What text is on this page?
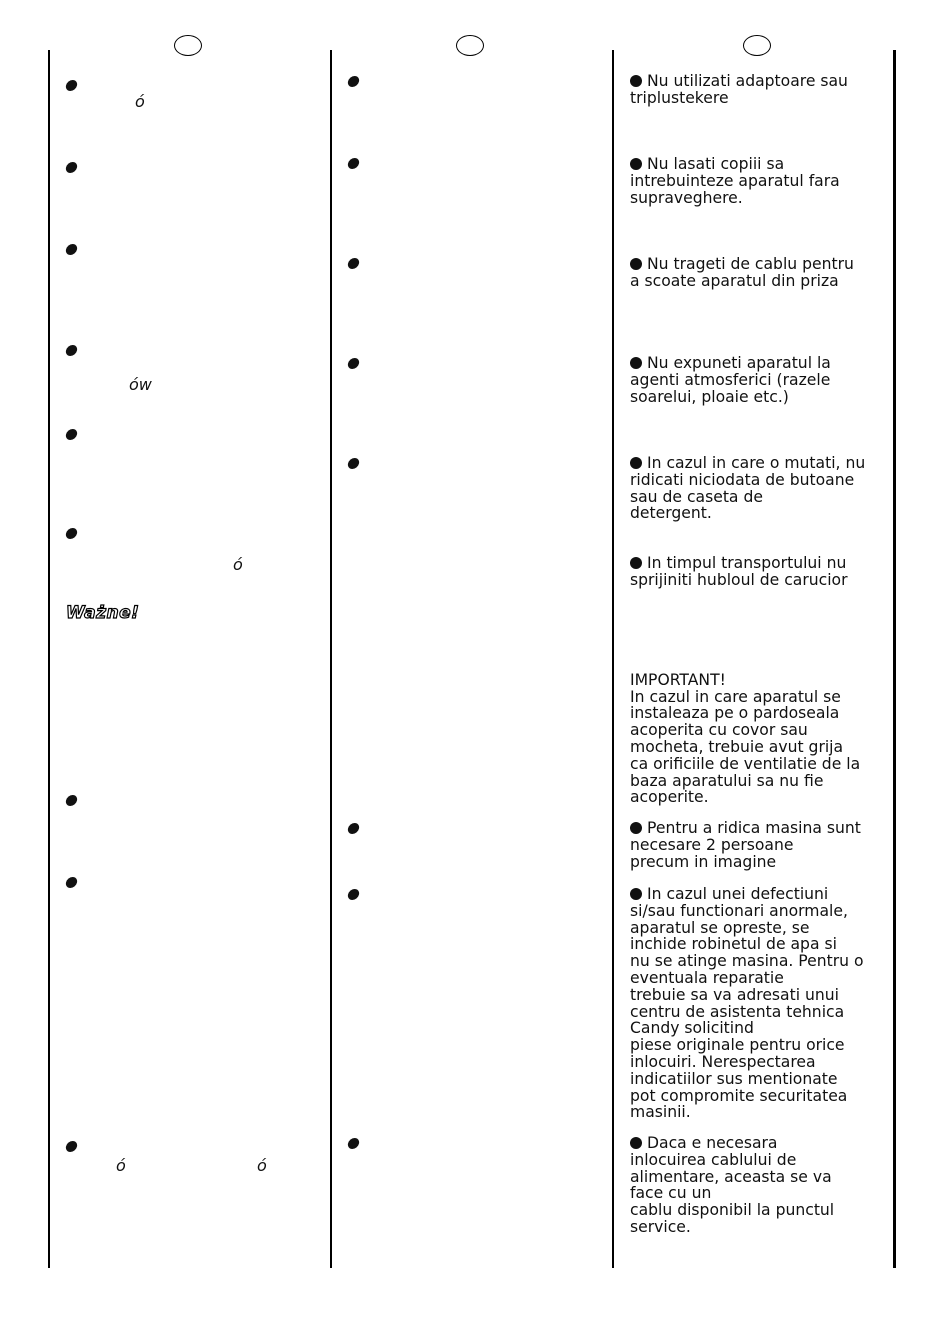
ó
ów
ó
ó	ó
Ważne!
Nu utilizati adaptoare sau
triplustekere
Nu lasati copiii sa
intrebuinteze aparatul fara
supraveghere.
Nu trageti de cablu pentru
a scoate aparatul din priza
Nu expuneti aparatul la
agenti atmosferici (razele
soarelui, ploaie etc.)
In cazul in care o mutati, nu
ridicati niciodata de butoane
sau de caseta de
detergent.
In timpul transportului nu
sprijiniti hubloul de carucior

IMPORTANT!
In cazul in care aparatul se
instaleaza pe o pardoseala
acoperita cu covor sau
mocheta, trebuie avut grija
ca orificiile de ventilatie de la
baza aparatului sa nu fie
acoperite.

Pentru a ridica masina sunt
necesare 2 persoane
precum in imagine
In cazul unei defectiuni
si/sau functionari anormale,
aparatul se opreste, se
inchide robinetul de apa si
nu se atinge masina. Pentru o
eventuala reparatie
trebuie sa va adresati unui
centru de asistenta tehnica
Candy solicitind
piese originale pentru orice
inlocuiri. Nerespectarea
indicatiilor sus mentionate
pot compromite securitatea
masinii.
Daca e necesara
inlocuirea cablului de
alimentare, aceasta se va
face cu un
cablu disponibil la punctul
service.
